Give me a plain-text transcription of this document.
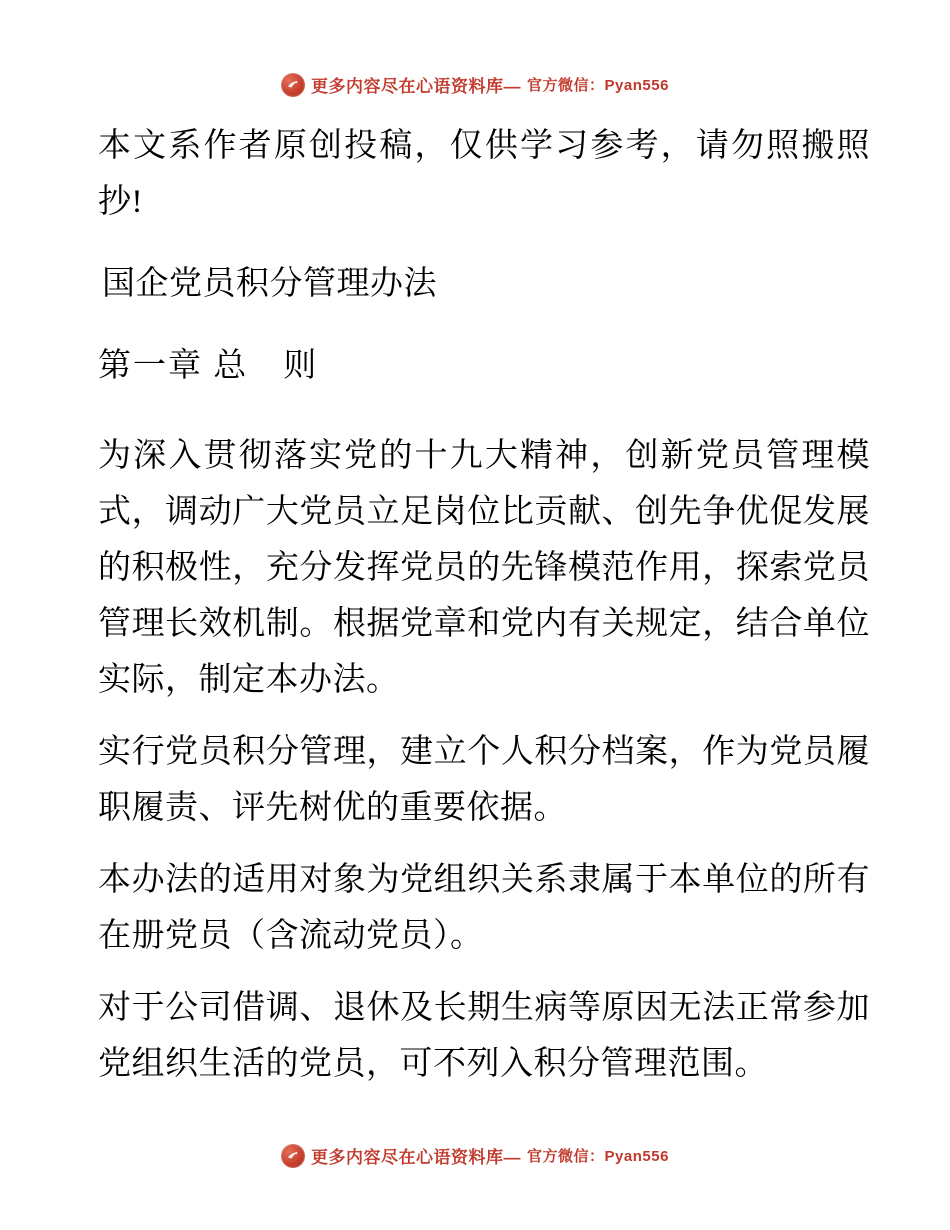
更多内容尽在心语资料库— 官方微信：Pyan556

本文系作者原创投稿，仅供学习参考，请勿照搬照抄!

国企党员积分管理办法

第一章 总　则

为深入贯彻落实党的十九大精神，创新党员管理模式，调动广大党员立足岗位比贡献、创先争优促发展的积极性，充分发挥党员的先锋模范作用，探索党员管理长效机制。根据党章和党内有关规定，结合单位实际，制定本办法。

实行党员积分管理，建立个人积分档案，作为党员履职履责、评先树优的重要依据。

本办法的适用对象为党组织关系隶属于本单位的所有在册党员（含流动党员）。

对于公司借调、退休及长期生病等原因无法正常参加党组织生活的党员，可不列入积分管理范围。

更多内容尽在心语资料库— 官方微信：Pyan556
